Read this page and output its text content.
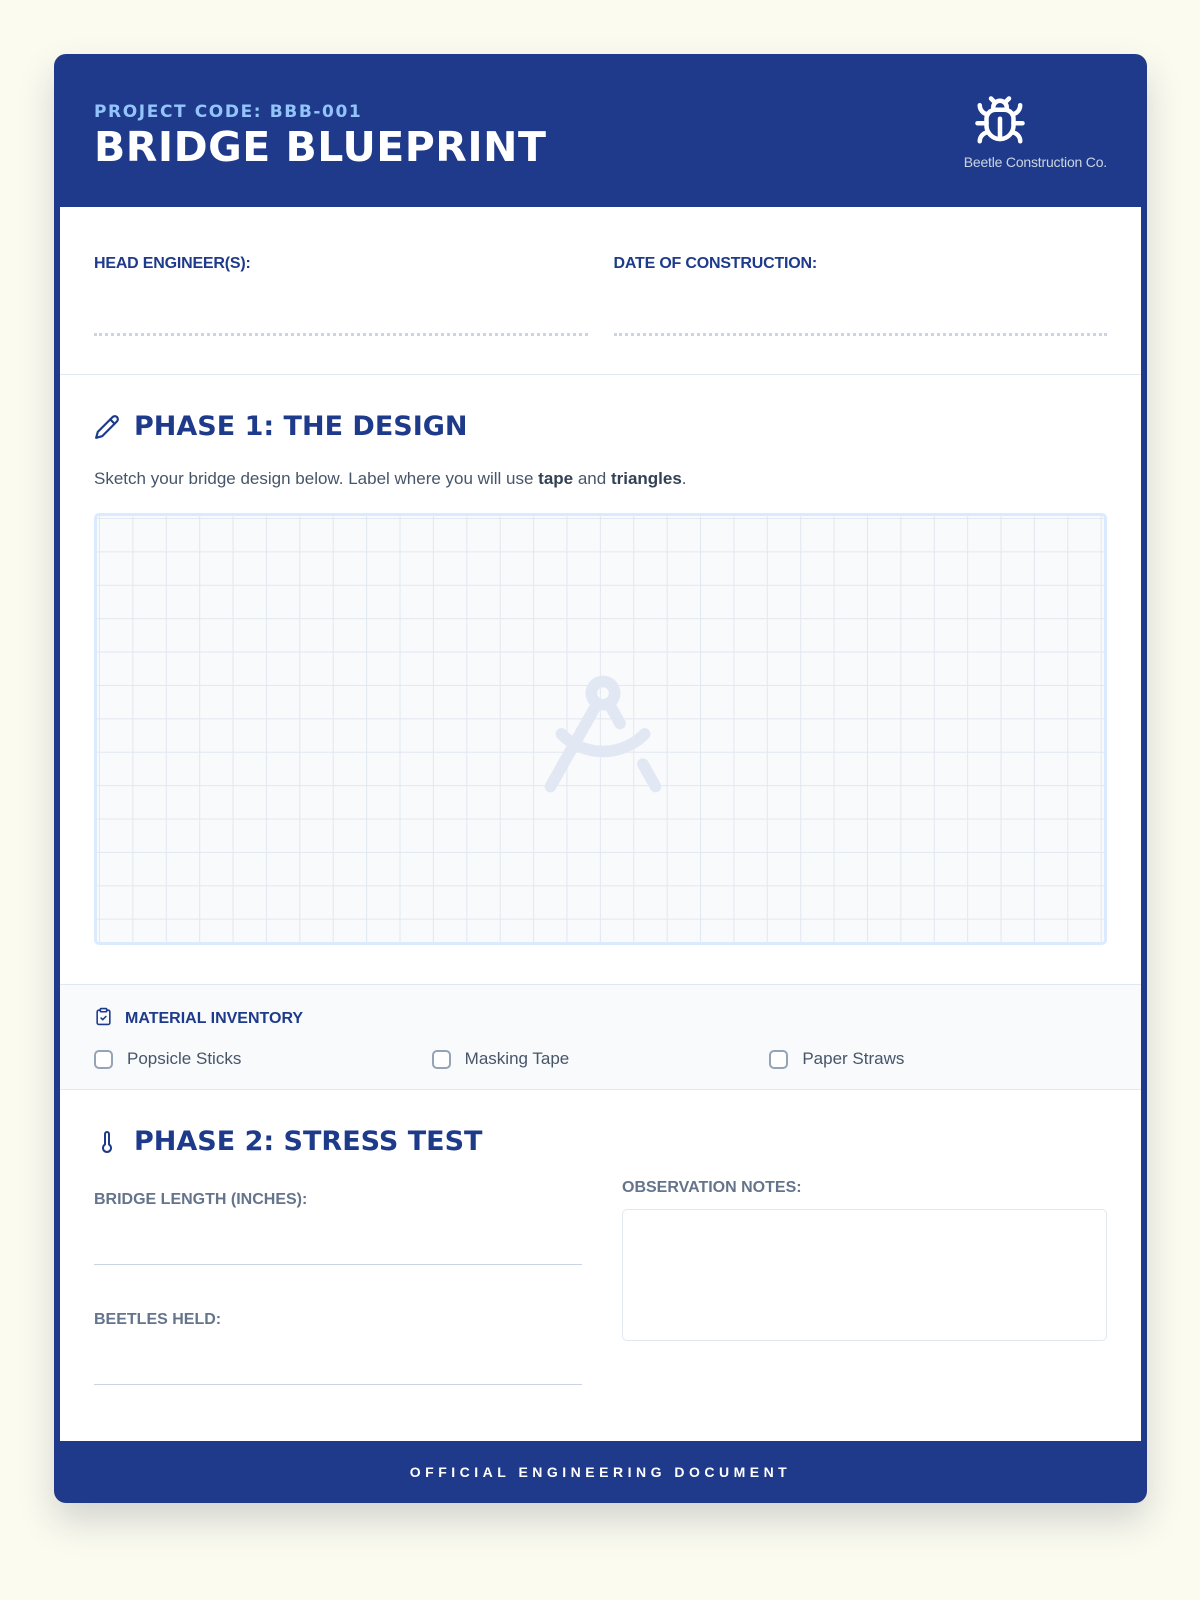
PROJECT CODE: BBB-001
BRIDGE BLUEPRINT	Beetle Construction Co.
HEAD ENGINEER(S):	DATE OF CONSTRUCTION:
PHASE 1: THE DESIGN

Sketch your bridge design below. Label where you will use tape and triangles.

MATERIAL INVENTORY
Popsicle Sticks	Masking Tape	Paper Straws
PHASE 2: STRESS TEST
BRIDGE LENGTH (INCHES):
BEETLES HELD:
OBSERVATION NOTES:
OFFICIAL ENGINEERING DOCUMENT
